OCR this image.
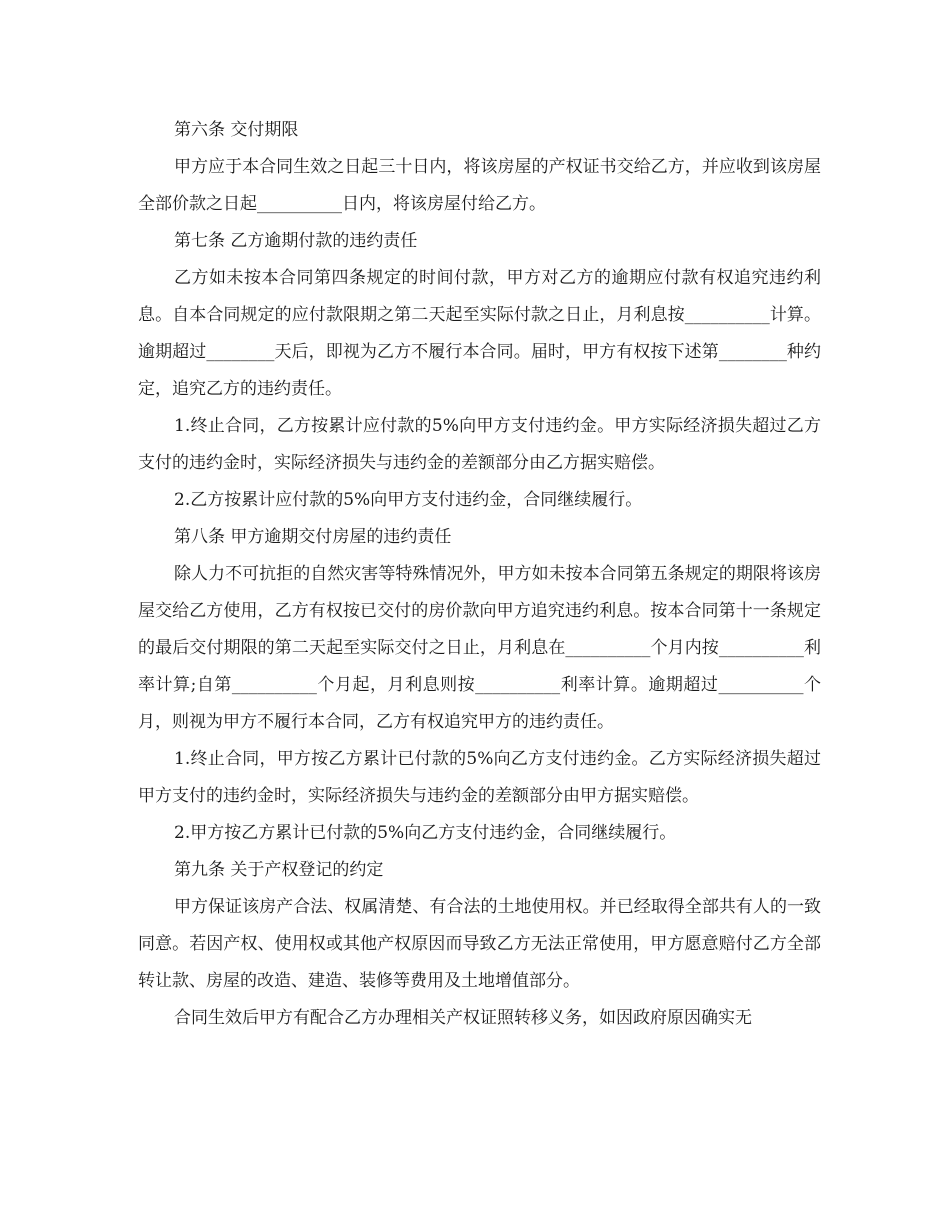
第六条 交付期限

甲方应于本合同生效之日起三十日内，将该房屋的产权证书交给乙方，并应收到该房屋全部价款之日起__________日内，将该房屋付给乙方。

第七条 乙方逾期付款的违约责任

乙方如未按本合同第四条规定的时间付款，甲方对乙方的逾期应付款有权追究违约利息。自本合同规定的应付款限期之第二天起至实际付款之日止，月利息按__________计算。逾期超过________天后，即视为乙方不履行本合同。届时，甲方有权按下述第________种约定，追究乙方的违约责任。

1.终止合同，乙方按累计应付款的5%向甲方支付违约金。甲方实际经济损失超过乙方支付的违约金时，实际经济损失与违约金的差额部分由乙方据实赔偿。

2.乙方按累计应付款的5%向甲方支付违约金，合同继续履行。

第八条 甲方逾期交付房屋的违约责任

除人力不可抗拒的自然灾害等特殊情况外，甲方如未按本合同第五条规定的期限将该房屋交给乙方使用，乙方有权按已交付的房价款向甲方追究违约利息。按本合同第十一条规定的最后交付期限的第二天起至实际交付之日止，月利息在__________个月内按__________利率计算;自第__________个月起，月利息则按__________利率计算。逾期超过__________个月，则视为甲方不履行本合同，乙方有权追究甲方的违约责任。

1.终止合同，甲方按乙方累计已付款的5%向乙方支付违约金。乙方实际经济损失超过甲方支付的违约金时，实际经济损失与违约金的差额部分由甲方据实赔偿。

2.甲方按乙方累计已付款的5%向乙方支付违约金，合同继续履行。

第九条 关于产权登记的约定

甲方保证该房产合法、权属清楚、有合法的土地使用权。并已经取得全部共有人的一致同意。若因产权、使用权或其他产权原因而导致乙方无法正常使用，甲方愿意赔付乙方全部转让款、房屋的改造、建造、装修等费用及土地增值部分。

合同生效后甲方有配合乙方办理相关产权证照转移义务，如因政府原因确实无
